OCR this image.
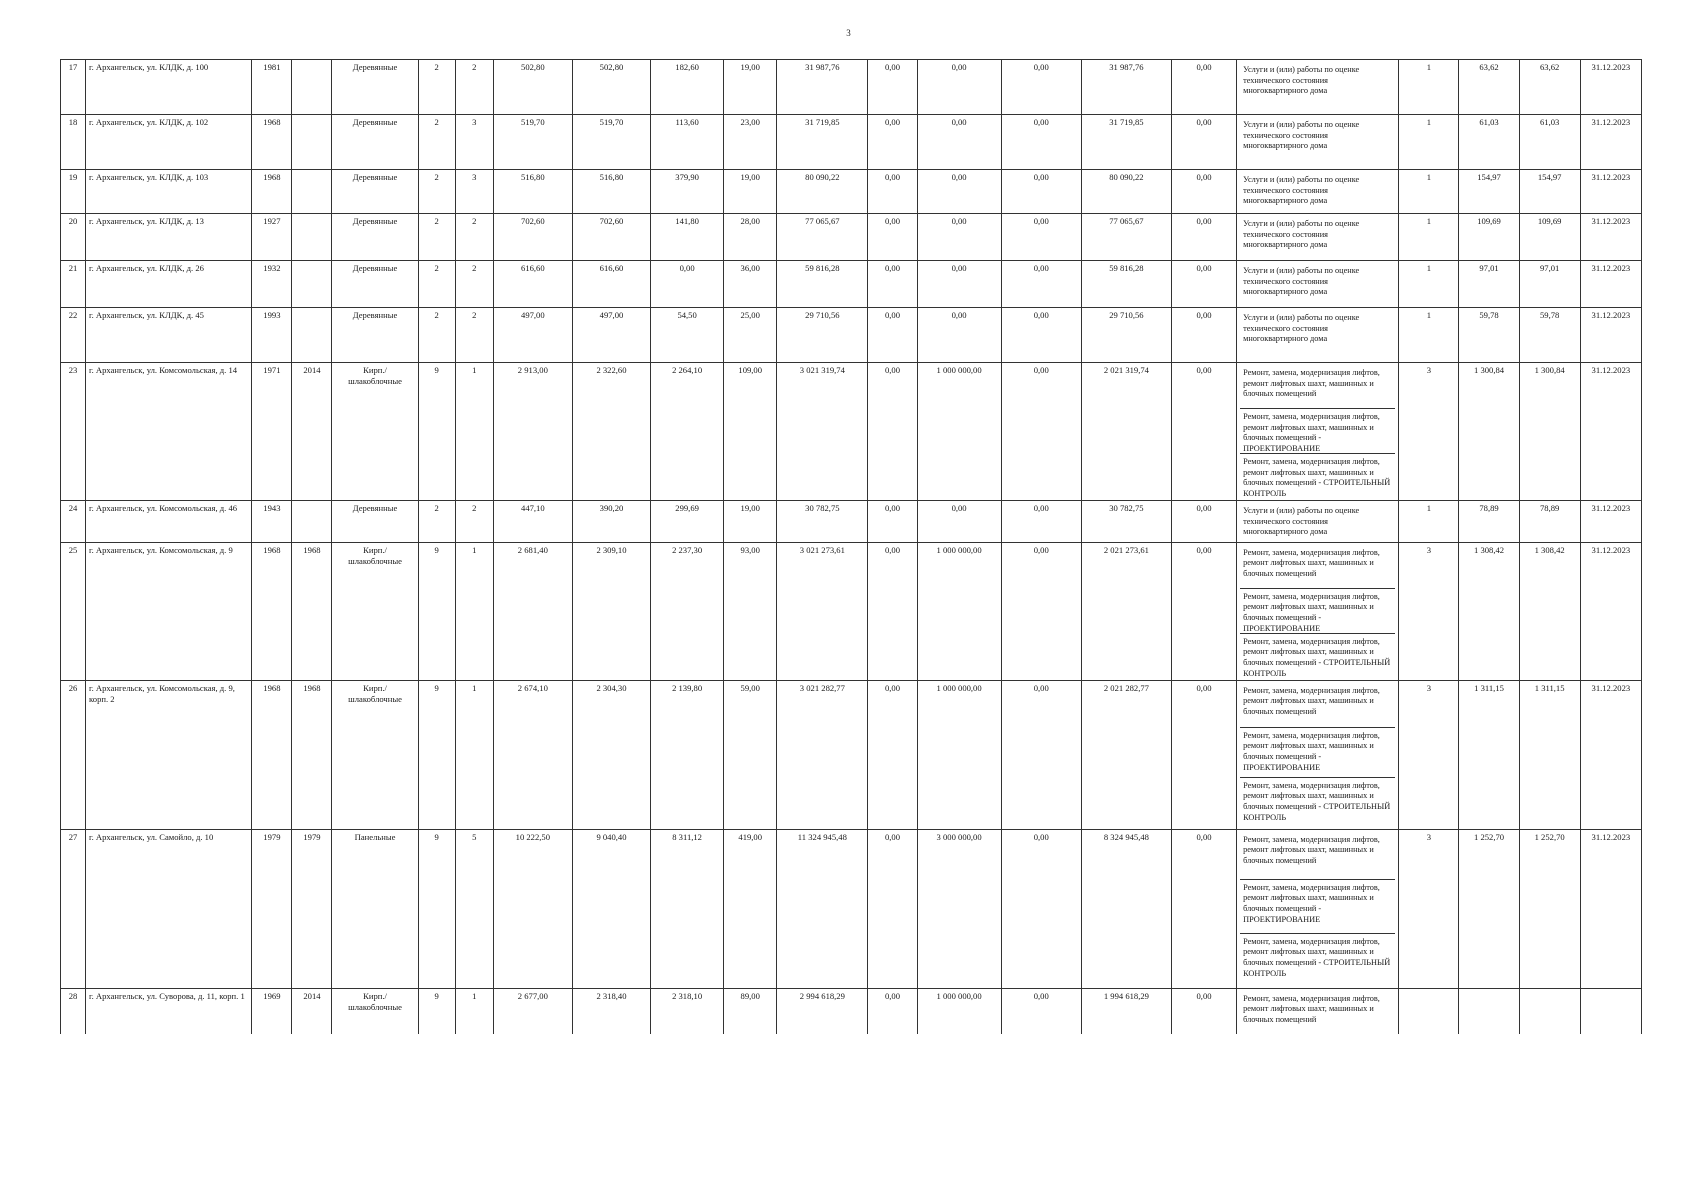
3
17	г. Архангельск, ул. КЛДК, д. 100	1981		Деревянные	2	2	502,80	502,80	182,60	19,00	31 987,76	0,00	0,00	0,00	31 987,76	0,00	Услуги и (или) работы по оценке технического состояния многоквартирного дома	1	63,62	63,62	31.12.2023
18	г. Архангельск, ул. КЛДК, д. 102	1968		Деревянные	2	3	519,70	519,70	113,60	23,00	31 719,85	0,00	0,00	0,00	31 719,85	0,00	Услуги и (или) работы по оценке технического состояния многоквартирного дома	1	61,03	61,03	31.12.2023
19	г. Архангельск, ул. КЛДК, д. 103	1968		Деревянные	2	3	516,80	516,80	379,90	19,00	80 090,22	0,00	0,00	0,00	80 090,22	0,00	Услуги и (или) работы по оценке технического состояния многоквартирного дома	1	154,97	154,97	31.12.2023
20	г. Архангельск, ул. КЛДК, д. 13	1927		Деревянные	2	2	702,60	702,60	141,80	28,00	77 065,67	0,00	0,00	0,00	77 065,67	0,00	Услуги и (или) работы по оценке технического состояния многоквартирного дома	1	109,69	109,69	31.12.2023
21	г. Архангельск, ул. КЛДК, д. 26	1932		Деревянные	2	2	616,60	616,60	0,00	36,00	59 816,28	0,00	0,00	0,00	59 816,28	0,00	Услуги и (или) работы по оценке технического состояния многоквартирного дома	1	97,01	97,01	31.12.2023
22	г. Архангельск, ул. КЛДК, д. 45	1993		Деревянные	2	2	497,00	497,00	54,50	25,00	29 710,56	0,00	0,00	0,00	29 710,56	0,00	Услуги и (или) работы по оценке технического состояния многоквартирного дома	1	59,78	59,78	31.12.2023
23	г. Архангельск, ул. Комсомольская, д. 14	1971	2014	Кирп./ шлакоблочные	9	1	2 913,00	2 322,60	2 264,10	109,00	3 021 319,74	0,00	1 000 000,00	0,00	2 021 319,74	0,00	Ремонт, замена, модернизация лифтов, ремонт лифтовых шахт, машинных и блочных помещений
Ремонт, замена, модернизация лифтов, ремонт лифтовых шахт, машинных и блочных помещений - ПРОЕКТИРОВАНИЕ
Ремонт, замена, модернизация лифтов, ремонт лифтовых шахт, машинных и блочных помещений - СТРОИТЕЛЬНЫЙ КОНТРОЛЬ	3	1 300,84	1 300,84	31.12.2023
24	г. Архангельск, ул. Комсомольская, д. 46	1943		Деревянные	2	2	447,10	390,20	299,69	19,00	30 782,75	0,00	0,00	0,00	30 782,75	0,00	Услуги и (или) работы по оценке технического состояния многоквартирного дома	1	78,89	78,89	31.12.2023
25	г. Архангельск, ул. Комсомольская, д. 9	1968	1968	Кирп./ шлакоблочные	9	1	2 681,40	2 309,10	2 237,30	93,00	3 021 273,61	0,00	1 000 000,00	0,00	2 021 273,61	0,00	Ремонт, замена, модернизация лифтов, ремонт лифтовых шахт, машинных и блочных помещений
Ремонт, замена, модернизация лифтов, ремонт лифтовых шахт, машинных и блочных помещений - ПРОЕКТИРОВАНИЕ
Ремонт, замена, модернизация лифтов, ремонт лифтовых шахт, машинных и блочных помещений - СТРОИТЕЛЬНЫЙ КОНТРОЛЬ	3	1 308,42	1 308,42	31.12.2023
26	г. Архангельск, ул. Комсомольская, д. 9, корп. 2	1968	1968	Кирп./ шлакоблочные	9	1	2 674,10	2 304,30	2 139,80	59,00	3 021 282,77	0,00	1 000 000,00	0,00	2 021 282,77	0,00	Ремонт, замена, модернизация лифтов, ремонт лифтовых шахт, машинных и блочных помещений
Ремонт, замена, модернизация лифтов, ремонт лифтовых шахт, машинных и блочных помещений - ПРОЕКТИРОВАНИЕ
Ремонт, замена, модернизация лифтов, ремонт лифтовых шахт, машинных и блочных помещений - СТРОИТЕЛЬНЫЙ КОНТРОЛЬ	3	1 311,15	1 311,15	31.12.2023
27	г. Архангельск, ул. Самойло, д. 10	1979	1979	Панельные	9	5	10 222,50	9 040,40	8 311,12	419,00	11 324 945,48	0,00	3 000 000,00	0,00	8 324 945,48	0,00	Ремонт, замена, модернизация лифтов, ремонт лифтовых шахт, машинных и блочных помещений
Ремонт, замена, модернизация лифтов, ремонт лифтовых шахт, машинных и блочных помещений - ПРОЕКТИРОВАНИЕ
Ремонт, замена, модернизация лифтов, ремонт лифтовых шахт, машинных и блочных помещений - СТРОИТЕЛЬНЫЙ КОНТРОЛЬ	3	1 252,70	1 252,70	31.12.2023
28	г. Архангельск, ул. Суворова, д. 11, корп. 1	1969	2014	Кирп./ шлакоблочные	9	1	2 677,00	2 318,40	2 318,10	89,00	2 994 618,29	0,00	1 000 000,00	0,00	1 994 618,29	0,00	Ремонт, замена, модернизация лифтов, ремонт лифтовых шахт, машинных и блочных помещений				
